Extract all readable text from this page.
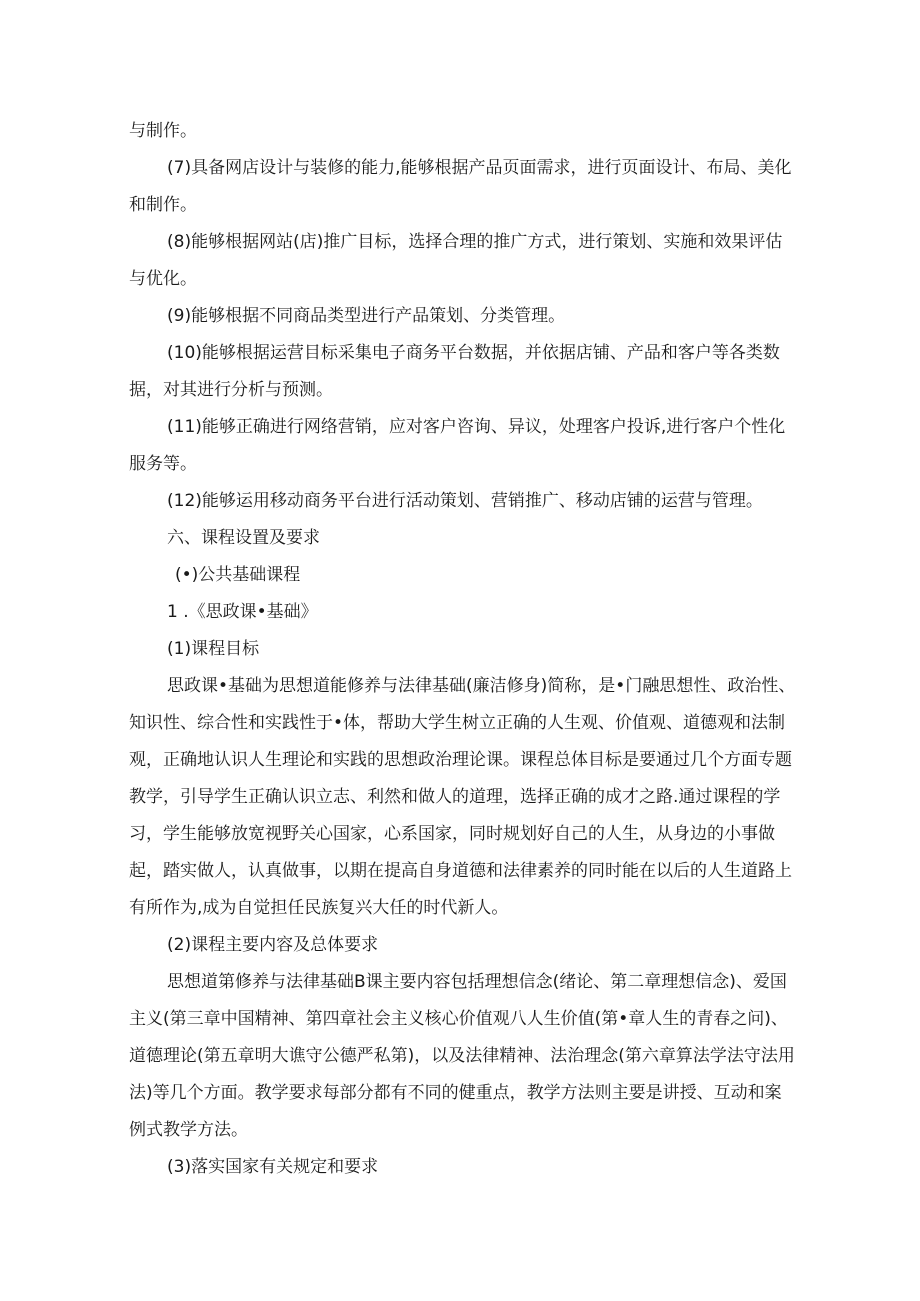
与制作。

(7)具备网店设计与装修的能力,能够根据产品页面需求，进行页面设计、布局、美化和制作。

(8)能够根据网站(店)推广目标，选择合理的推广方式，进行策划、实施和效果评估与优化。

(9)能够根据不同商品类型进行产品策划、分类管理。

(10)能够根据运营目标采集电子商务平台数据，并依据店铺、产品和客户等各类数据，对其进行分析与预测。

(11)能够正确进行网络营销，应对客户咨询、异议，处理客户投诉,进行客户个性化服务等。

(12)能够运用移动商务平台进行活动策划、营销推广、移动店铺的运营与管理。

六、课程设置及要求

(•)公共基础课程

1 .《思政课•基础》

(1)课程目标

思政课•基础为思想道能修养与法律基础(廉洁修身)简称，是•门融思想性、政治性、知识性、综合性和实践性于•体，帮助大学生树立正确的人生观、价值观、道德观和法制观，正确地认识人生理论和实践的思想政治理论课。课程总体目标是要通过几个方面专题教学，引导学生正确认识立志、利然和做人的道理，选择正确的成才之路.通过课程的学习，学生能够放宽视野关心国家，心系国家，同时规划好自己的人生，从身边的小事做起，踏实做人，认真做事，以期在提高自身道德和法律素养的同时能在以后的人生道路上有所作为,成为自觉担任民族复兴大任的时代新人。

(2)课程主要内容及总体要求

思想道第修养与法律基础B课主要内容包括理想信念(绪论、第二章理想信念)、爱国主义(第三章中国精神、第四章社会主义核心价值观八人生价值(第•章人生的青春之问)、道德理论(第五章明大谯守公德严私第)，以及法律精神、法治理念(第六章算法学法守法用法)等几个方面。教学要求每部分都有不同的健重点，教学方法则主要是讲授、互动和案例式教学方法。

(3)落实国家有关规定和要求
